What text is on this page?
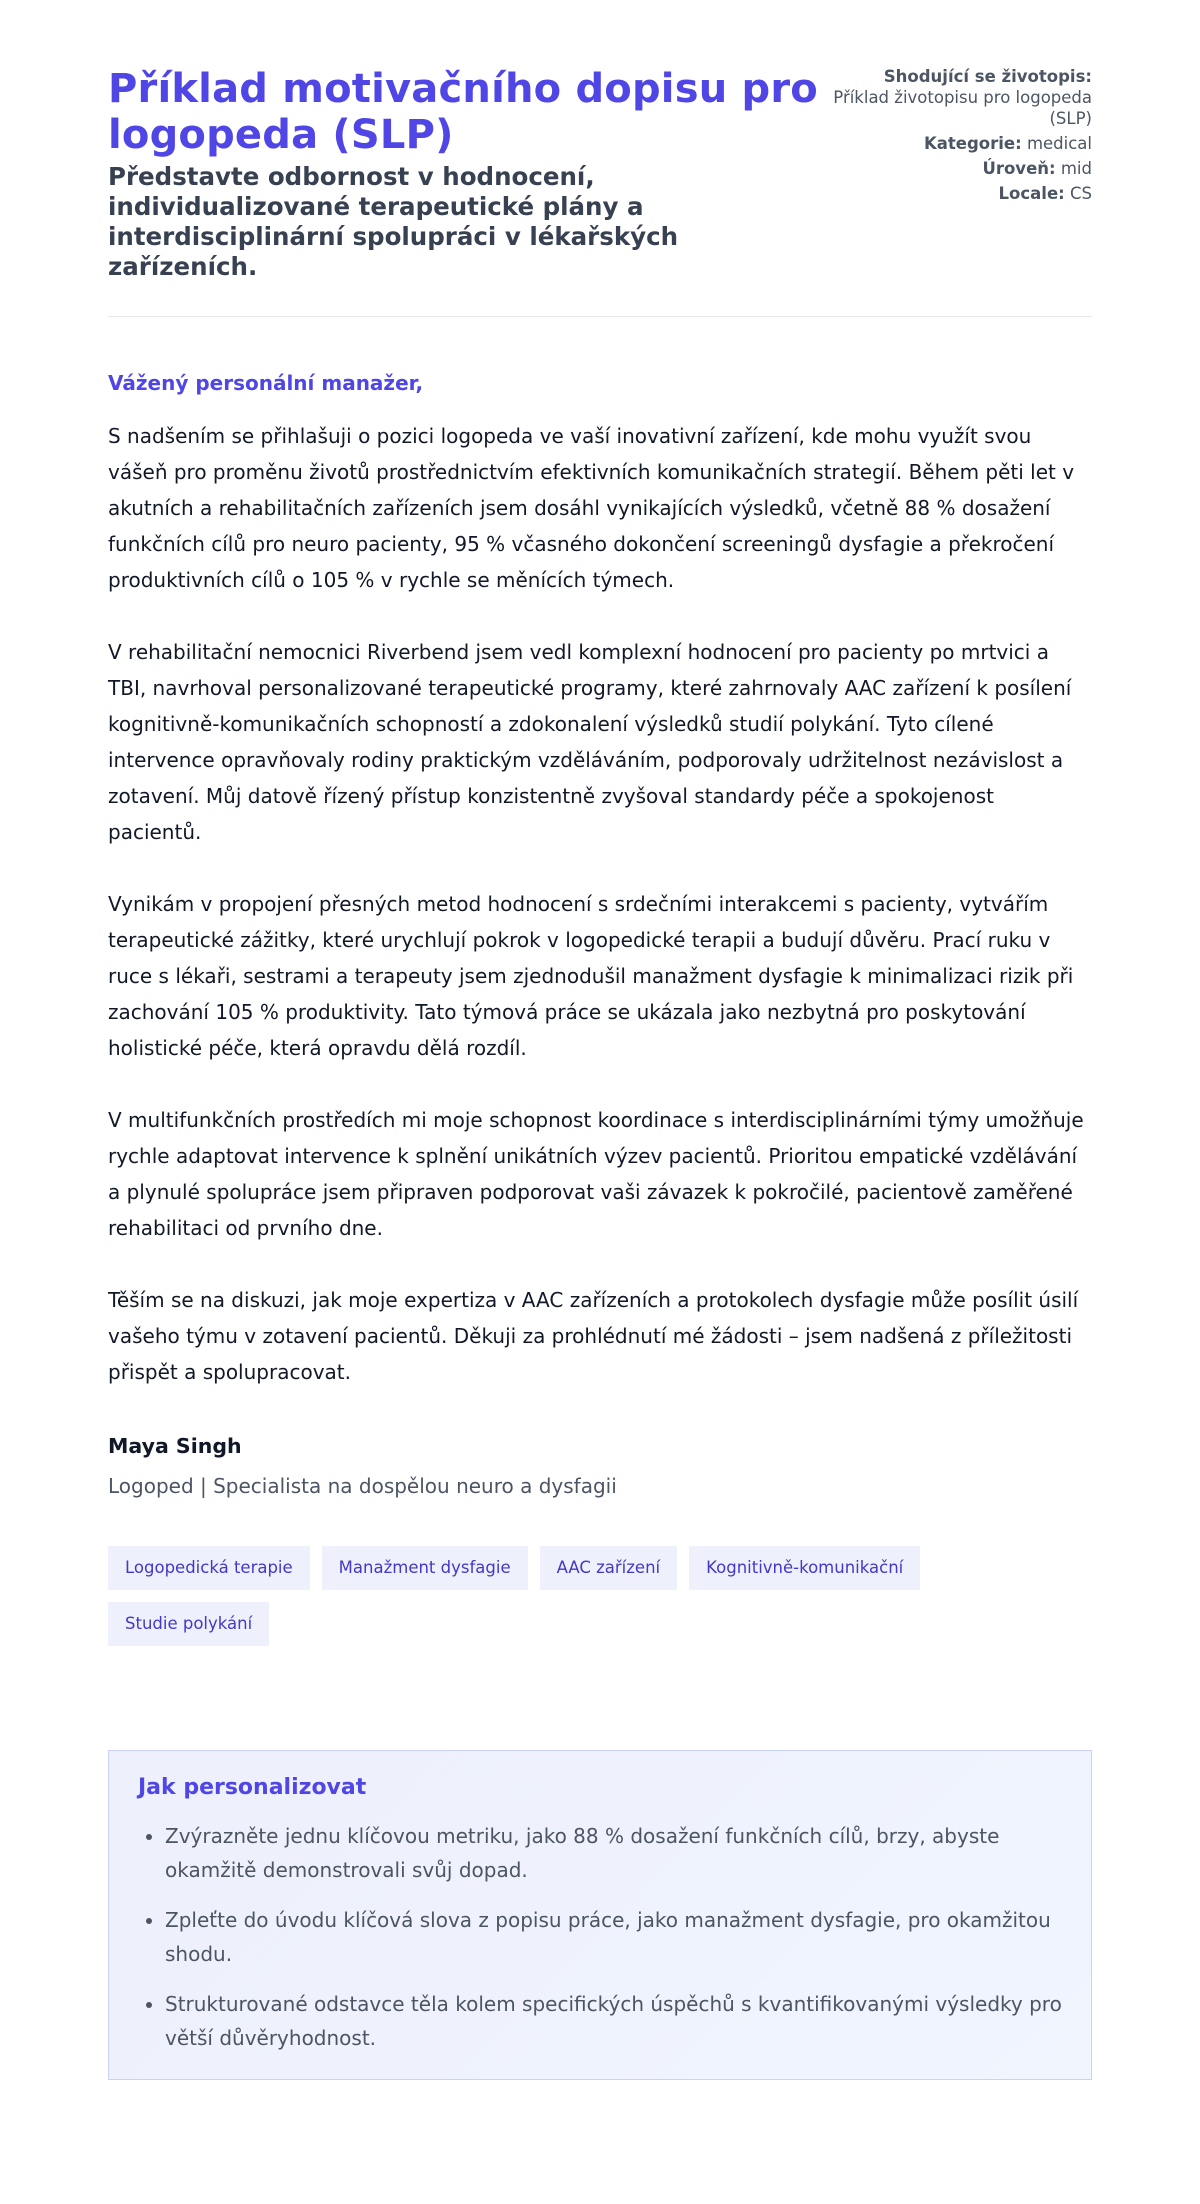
Příklad motivačního dopisu pro logopeda (SLP)
Představte odbornost v hodnocení, individualizované terapeutické plány a interdisciplinární spolupráci v lékařských zařízeních.
Shodující se životopis:
Příklad životopisu pro logopeda (SLP)
Kategorie: medical
Úroveň: mid
Locale: CS
Vážený personální manažer,

S nadšením se přihlašuji o pozici logopeda ve vaší inovativní zařízení, kde mohu využít svou vášeň pro proměnu životů prostřednictvím efektivních komunikačních strategií. Během pěti let v akutních a rehabilitačních zařízeních jsem dosáhl vynikajících výsledků, včetně 88 % dosažení funkčních cílů pro neuro pacienty, 95 % včasného dokončení screeningů dysfagie a překročení produktivních cílů o 105 % v rychle se měnících týmech.

V rehabilitační nemocnici Riverbend jsem vedl komplexní hodnocení pro pacienty po mrtvici a TBI, navrhoval personalizované terapeutické programy, které zahrnovaly AAC zařízení k posílení kognitivně-komunikačních schopností a zdokonalení výsledků studií polykání. Tyto cílené intervence opravňovaly rodiny praktickým vzděláváním, podporovaly udržitelnost nezávislost a zotavení. Můj datově řízený přístup konzistentně zvyšoval standardy péče a spokojenost pacientů.

Vynikám v propojení přesných metod hodnocení s srdečními interakcemi s pacienty, vytvářím terapeutické zážitky, které urychlují pokrok v logopedické terapii a budují důvěru. Prací ruku v ruce s lékaři, sestrami a terapeuty jsem zjednodušil manažment dysfagie k minimalizaci rizik při zachování 105 % produktivity. Tato týmová práce se ukázala jako nezbytná pro poskytování holistické péče, která opravdu dělá rozdíl.

V multifunkčních prostředích mi moje schopnost koordinace s interdisciplinárními týmy umožňuje rychle adaptovat intervence k splnění unikátních výzev pacientů. Prioritou empatické vzdělávání a plynulé spolupráce jsem připraven podporovat vaši závazek k pokročilé, pacientově zaměřené rehabilitaci od prvního dne.

Těším se na diskuzi, jak moje expertiza v AAC zařízeních a protokolech dysfagie může posílit úsilí vašeho týmu v zotavení pacientů. Děkuji za prohlédnutí mé žádosti – jsem nadšená z příležitosti přispět a spolupracovat.

Maya Singh
Logoped | Specialista na dospělou neuro a dysfagii
Logopedická terapie	Manažment dysfagie	AAC zařízení	Kognitivně-komunikační
Studie polykání
Jak personalizovat
• Zvýrazněte jednu klíčovou metriku, jako 88 % dosažení funkčních cílů, brzy, abyste okamžitě demonstrovali svůj dopad.
• Zpleťte do úvodu klíčová slova z popisu práce, jako manažment dysfagie, pro okamžitou shodu.
• Strukturované odstavce těla kolem specifických úspěchů s kvantifikovanými výsledky pro větší důvěryhodnost.
